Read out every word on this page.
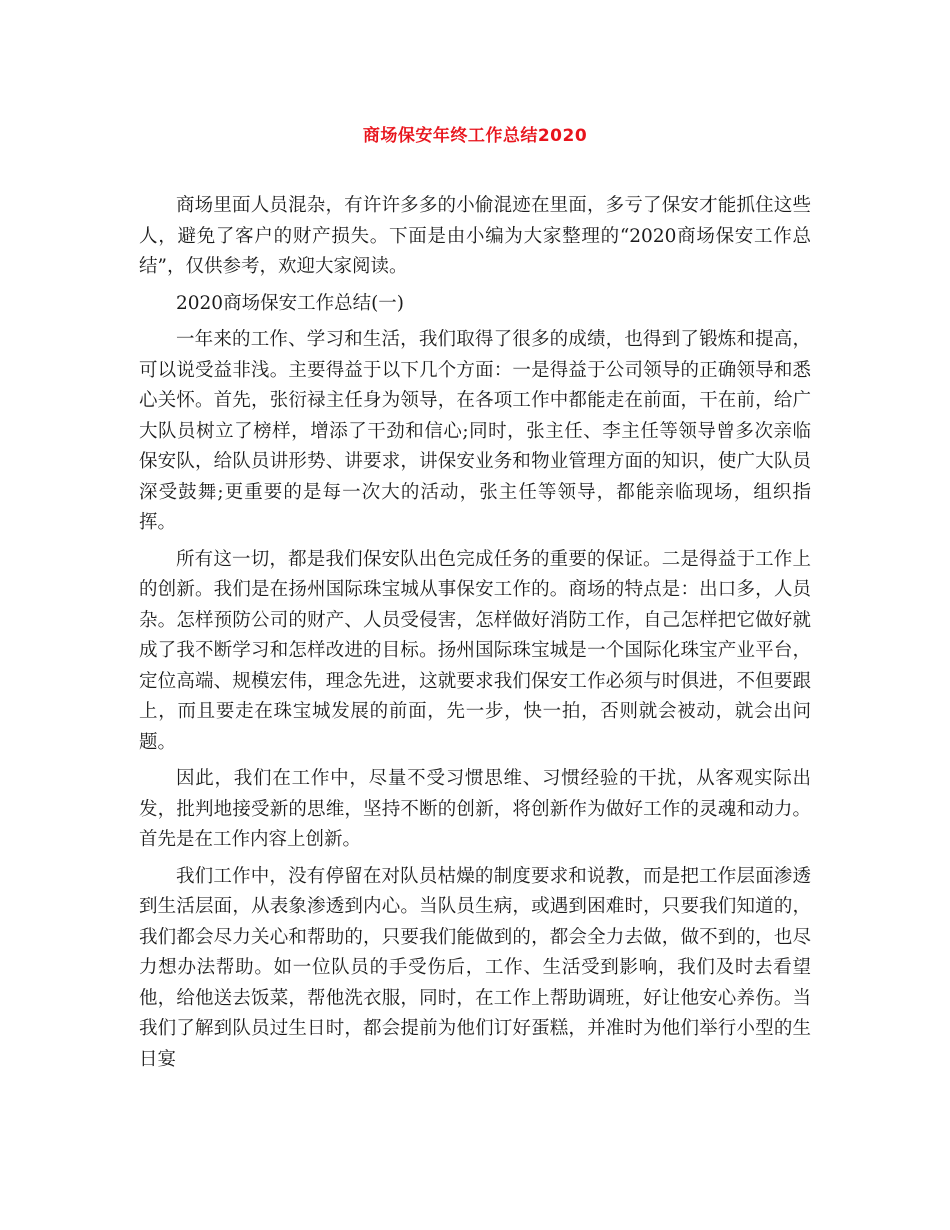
商场保安年终工作总结2020

商场里面人员混杂，有许许多多的小偷混迹在里面，多亏了保安才能抓住这些人，避免了客户的财产损失。下面是由小编为大家整理的“2020商场保安工作总结”，仅供参考，欢迎大家阅读。

2020商场保安工作总结(一)

一年来的工作、学习和生活，我们取得了很多的成绩，也得到了锻炼和提高，可以说受益非浅。主要得益于以下几个方面：一是得益于公司领导的正确领导和悉心关怀。首先，张衍禄主任身为领导，在各项工作中都能走在前面，干在前，给广大队员树立了榜样，增添了干劲和信心;同时，张主任、李主任等领导曾多次亲临保安队，给队员讲形势、讲要求，讲保安业务和物业管理方面的知识，使广大队员深受鼓舞;更重要的是每一次大的活动，张主任等领导，都能亲临现场，组织指挥。

所有这一切，都是我们保安队出色完成任务的重要的保证。二是得益于工作上的创新。我们是在扬州国际珠宝城从事保安工作的。商场的特点是：出口多，人员杂。怎样预防公司的财产、人员受侵害，怎样做好消防工作，自己怎样把它做好就成了我不断学习和怎样改进的目标。扬州国际珠宝城是一个国际化珠宝产业平台，定位高端、规模宏伟，理念先进，这就要求我们保安工作必须与时俱进，不但要跟上，而且要走在珠宝城发展的前面，先一步，快一拍，否则就会被动，就会出问题。

因此，我们在工作中，尽量不受习惯思维、习惯经验的干扰，从客观实际出发，批判地接受新的思维，坚持不断的创新，将创新作为做好工作的灵魂和动力。首先是在工作内容上创新。

我们工作中，没有停留在对队员枯燥的制度要求和说教，而是把工作层面渗透到生活层面，从表象渗透到内心。当队员生病，或遇到困难时，只要我们知道的，我们都会尽力关心和帮助的，只要我们能做到的，都会全力去做，做不到的，也尽力想办法帮助。如一位队员的手受伤后，工作、生活受到影响，我们及时去看望他，给他送去饭菜，帮他洗衣服，同时，在工作上帮助调班，好让他安心养伤。当我们了解到队员过生日时，都会提前为他们订好蛋糕，并准时为他们举行小型的生日宴
